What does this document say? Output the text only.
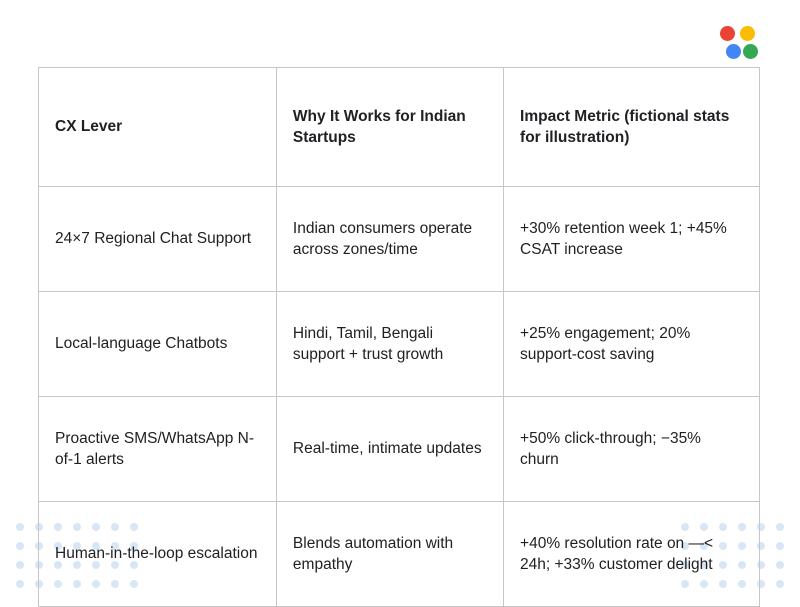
CX Lever	Why It Works for Indian Startups	Impact Metric (fictional stats for illustration)
24×7 Regional Chat Support	Indian consumers operate across zones/time	+30% retention week 1; +45% CSAT increase
Local-language Chatbots	Hindi, Tamil, Bengali support + trust growth	+25% engagement; 20% support-cost saving
Proactive SMS/WhatsApp N-of-1 alerts	Real-time, intimate updates	+50% click-through; −35% churn
Human-in-the-loop escalation	Blends automation with empathy	+40% resolution rate on —< 24h; +33% customer delight
